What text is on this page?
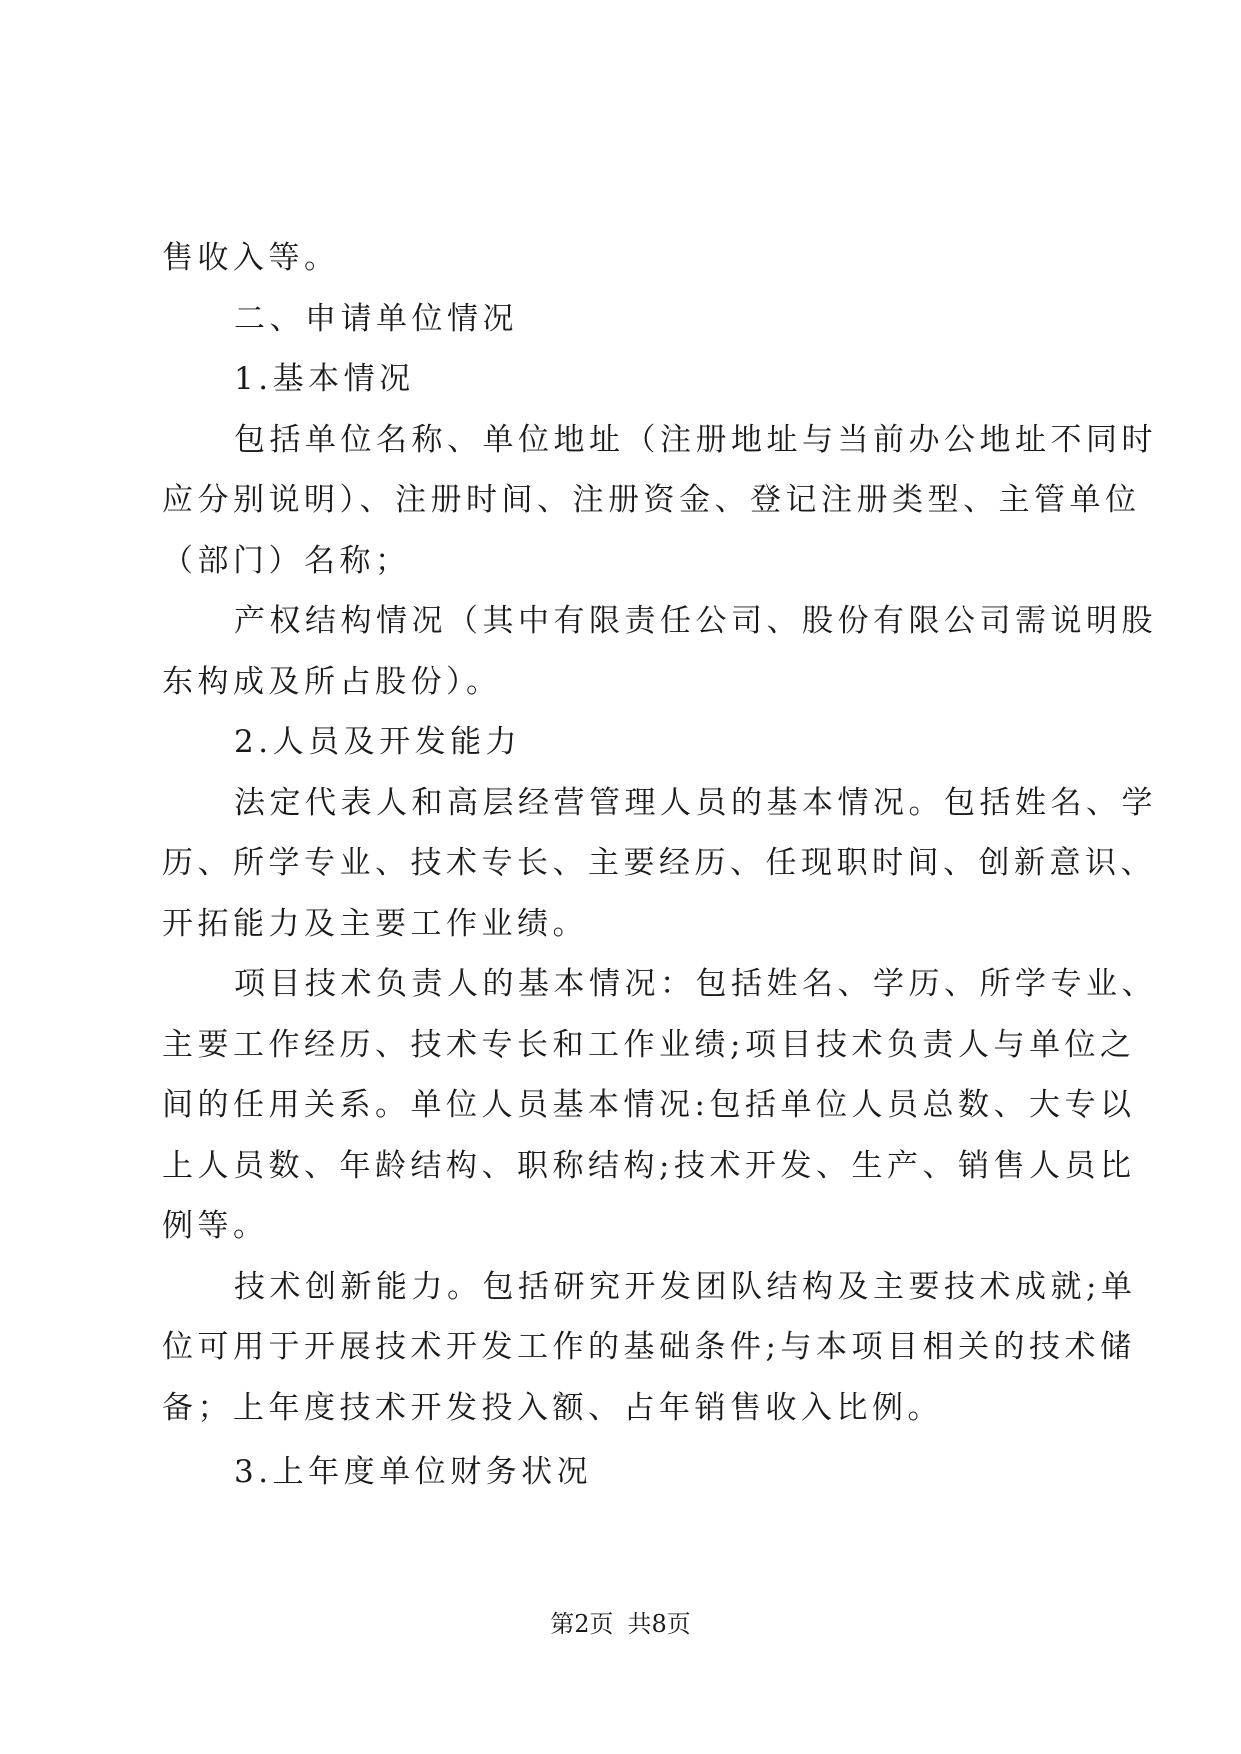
售收入等。
二、申请单位情况
1.基本情况
包括单位名称、单位地址（注册地址与当前办公地址不同时
应分别说明）、注册时间、注册资金、登记注册类型、主管单位
（部门）名称；
产权结构情况（其中有限责任公司、股份有限公司需说明股
东构成及所占股份）。
2.人员及开发能力
法定代表人和高层经营管理人员的基本情况。包括姓名、学
历、所学专业、技术专长、主要经历、任现职时间、创新意识、
开拓能力及主要工作业绩。
项目技术负责人的基本情况：包括姓名、学历、所学专业、
主要工作经历、技术专长和工作业绩;项目技术负责人与单位之
间的任用关系。单位人员基本情况:包括单位人员总数、大专以
上人员数、年龄结构、职称结构;技术开发、生产、销售人员比
例等。
技术创新能力。包括研究开发团队结构及主要技术成就;单
位可用于开展技术开发工作的基础条件;与本项目相关的技术储
备；上年度技术开发投入额、占年销售收入比例。
3.上年度单位财务状况
第2页 共8页
